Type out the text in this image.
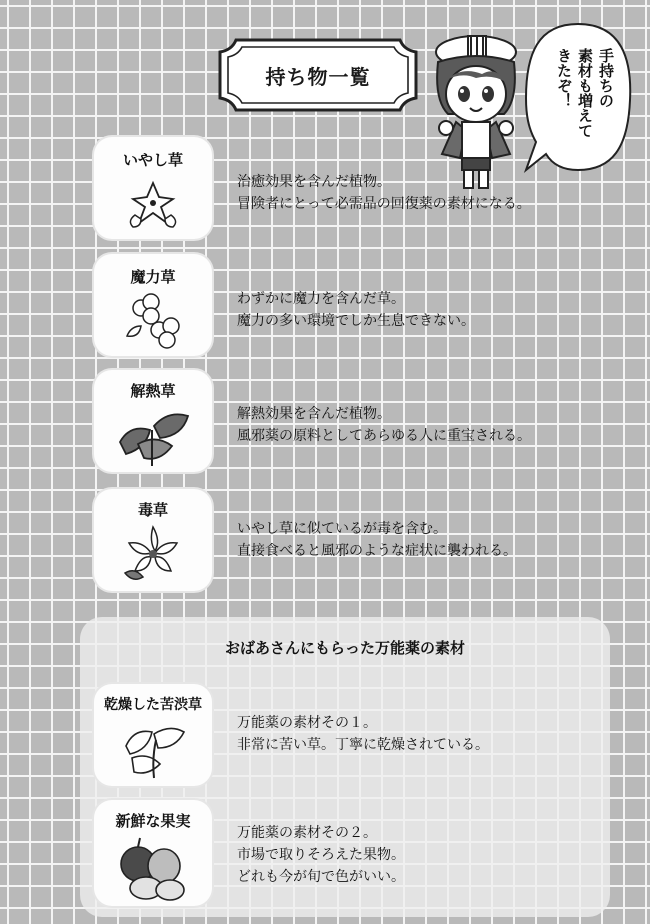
持ち物一覧	手持ちの
素材も増えて
きたぞ！
いやし草
治癒効果を含んだ植物。
冒険者にとって必需品の回復薬の素材になる。
魔力草
わずかに魔力を含んだ草。
魔力の多い環境でしか生息できない。
解熱草
解熱効果を含んだ植物。
風邪薬の原料としてあらゆる人に重宝される。
毒草
いやし草に似ているが毒を含む。
直接食べると風邪のような症状に襲われる。
おばあさんにもらった万能薬の素材
乾燥した苦渋草
万能薬の素材その１。
非常に苦い草。丁寧に乾燥されている。
新鮮な果実
万能薬の素材その２。
市場で取りそろえた果物。
どれも今が旬で色がいい。
